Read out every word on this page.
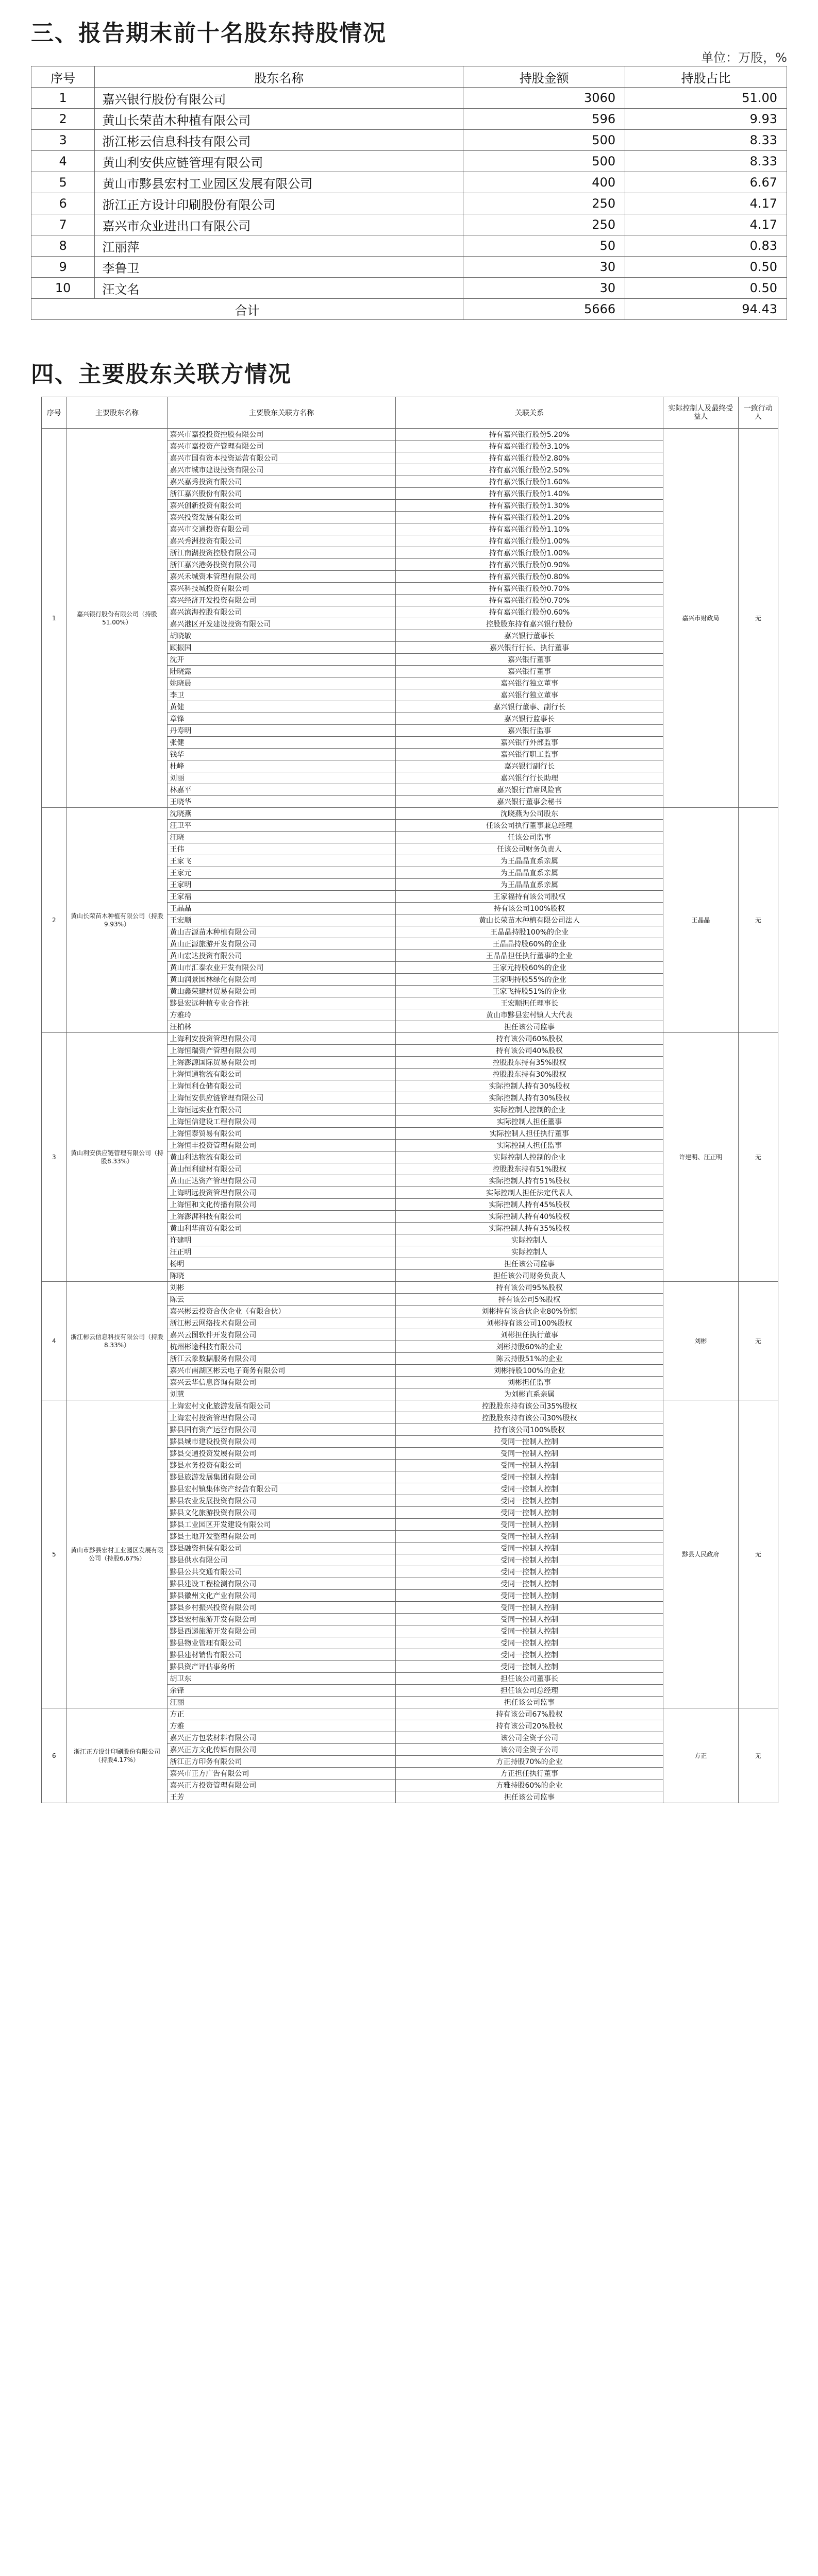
三、报告期末前十名股东持股情况
单位：万股，%
序号	股东名称	持股金额	持股占比
1	嘉兴银行股份有限公司	3060	51.00
2	黄山长荣苗木种植有限公司	596	9.93
3	浙江彬云信息科技有限公司	500	8.33
4	黄山利安供应链管理有限公司	500	8.33
5	黄山市黟县宏村工业园区发展有限公司	400	6.67
6	浙江正方设计印刷股份有限公司	250	4.17
7	嘉兴市众业进出口有限公司	250	4.17
8	江丽萍	50	0.83
9	李鲁卫	30	0.50
10	汪文名	30	0.50
合计		5666	94.43
四、主要股东关联方情况
序号	主要股东名称	主要股东关联方名称	关联关系	实际控制人及最终受益人	一致行动人
1	嘉兴银行股份有限公司（持股51.00%）	嘉兴市嘉投投资控股有限公司	持有嘉兴银行股份5.20%	嘉兴市财政局	无
		嘉兴市嘉投资产管理有限公司	持有嘉兴银行股份3.10%		
		嘉兴市国有资本投资运营有限公司	持有嘉兴银行股份2.80%		
		嘉兴市城市建设投资有限公司	持有嘉兴银行股份2.50%		
		嘉兴嘉秀投资有限公司	持有嘉兴银行股份1.60%		
		浙江嘉兴股份有限公司	持有嘉兴银行股份1.40%		
		嘉兴创新投资有限公司	持有嘉兴银行股份1.30%		
		嘉兴投资发展有限公司	持有嘉兴银行股份1.20%		
		嘉兴市交通投资有限公司	持有嘉兴银行股份1.10%		
		嘉兴秀洲投资有限公司	持有嘉兴银行股份1.00%		
		浙江南湖投资控股有限公司	持有嘉兴银行股份1.00%		
		浙江嘉兴港务投资有限公司	持有嘉兴银行股份0.90%		
		嘉兴禾城资本管理有限公司	持有嘉兴银行股份0.80%		
		嘉兴科技城投资有限公司	持有嘉兴银行股份0.70%		
		嘉兴经济开发投资有限公司	持有嘉兴银行股份0.70%		
		嘉兴滨海控股有限公司	持有嘉兴银行股份0.60%		
		嘉兴港区开发建设投资有限公司	控股股东持有嘉兴银行股份		
		胡晓敏	嘉兴银行董事长		
		顾振国	嘉兴银行行长、执行董事		
		沈开	嘉兴银行董事		
		陆晓露	嘉兴银行董事		
		姚晓晨	嘉兴银行独立董事		
		李卫	嘉兴银行独立董事		
		黄健	嘉兴银行董事、副行长		
		章锋	嘉兴银行监事长		
		丹寿明	嘉兴银行监事		
		张健	嘉兴银行外部监事		
		钱华	嘉兴银行职工监事		
		杜峰	嘉兴银行副行长		
		刘丽	嘉兴银行行长助理		
		林嘉平	嘉兴银行首席风险官		
		王晓华	嘉兴银行董事会秘书		
2	黄山长荣苗木种植有限公司（持股9.93%）	沈晓燕	沈晓燕为公司股东	王晶晶	无
		汪卫平	任该公司执行董事兼总经理		
		汪晓	任该公司监事		
		王伟	任该公司财务负责人		
		王家飞	为王晶晶直系亲属		
		王家元	为王晶晶直系亲属		
		王家明	为王晶晶直系亲属		
		王家福	王家福持有该公司股权		
		王晶晶	持有该公司100%股权		
		王宏顺	黄山长荣苗木种植有限公司法人		
		黄山吉源苗木种植有限公司	王晶晶持股100%的企业		
		黄山正源旅游开发有限公司	王晶晶持股60%的企业		
		黄山宏达投资有限公司	王晶晶担任执行董事的企业		
		黄山市汇泰农业开发有限公司	王家元持股60%的企业		
		黄山润景园林绿化有限公司	王家明持股55%的企业		
		黄山鑫荣建材贸易有限公司	王家飞持股51%的企业		
		黟县宏远种植专业合作社	王宏顺担任理事长		
		方雅玲	黄山市黟县宏村镇人大代表		
		汪柏林	担任该公司监事		
3	黄山利安供应链管理有限公司（持股8.33%）	上海利安投资管理有限公司	持有该公司60%股权	许建明、汪正明	无
		上海恒瑞资产管理有限公司	持有该公司40%股权		
		上海澎源国际贸易有限公司	控股股东持有35%股权		
		上海恒通物流有限公司	控股股东持有30%股权		
		上海恒利仓储有限公司	实际控制人持有30%股权		
		上海恒安供应链管理有限公司	实际控制人持有30%股权		
		上海恒远实业有限公司	实际控制人控制的企业		
		上海恒信建设工程有限公司	实际控制人担任董事		
		上海恒泰贸易有限公司	实际控制人担任执行董事		
		上海恒丰投资管理有限公司	实际控制人担任监事		
		黄山利达物流有限公司	实际控制人控制的企业		
		黄山恒利建材有限公司	控股股东持有51%股权		
		黄山正达资产管理有限公司	实际控制人持有51%股权		
		上海明远投资管理有限公司	实际控制人担任法定代表人		
		上海恒和文化传播有限公司	实际控制人持有45%股权		
		上海澎湃科技有限公司	实际控制人持有40%股权		
		黄山利华商贸有限公司	实际控制人持有35%股权		
		许建明	实际控制人		
		汪正明	实际控制人		
		杨明	担任该公司监事		
		陈晓	担任该公司财务负责人		
4	浙江彬云信息科技有限公司（持股8.33%）	刘彬	持有该公司95%股权	刘彬	无
		陈云	持有该公司5%股权		
		嘉兴彬云投资合伙企业（有限合伙）	刘彬持有该合伙企业80%份额		
		浙江彬云网络技术有限公司	刘彬持有该公司100%股权		
		嘉兴云图软件开发有限公司	刘彬担任执行董事		
		杭州彬途科技有限公司	刘彬持股60%的企业		
		浙江云象数据服务有限公司	陈云持股51%的企业		
		嘉兴市南湖区彬云电子商务有限公司	刘彬持股100%的企业		
		嘉兴云华信息咨询有限公司	刘彬担任监事		
		刘慧	为刘彬直系亲属		
5	黄山市黟县宏村工业园区发展有限公司（持股6.67%）	上海宏村文化旅游发展有限公司	控股股东持有该公司35%股权	黟县人民政府	无
		上海宏村投资管理有限公司	控股股东持有该公司30%股权		
		黟县国有资产运营有限公司	持有该公司100%股权		
		黟县城市建设投资有限公司	受同一控制人控制		
		黟县交通投资发展有限公司	受同一控制人控制		
		黟县水务投资有限公司	受同一控制人控制		
		黟县旅游发展集团有限公司	受同一控制人控制		
		黟县宏村镇集体资产经营有限公司	受同一控制人控制		
		黟县农业发展投资有限公司	受同一控制人控制		
		黟县文化旅游投资有限公司	受同一控制人控制		
		黟县工业园区开发建设有限公司	受同一控制人控制		
		黟县土地开发整理有限公司	受同一控制人控制		
		黟县融资担保有限公司	受同一控制人控制		
		黟县供水有限公司	受同一控制人控制		
		黟县公共交通有限公司	受同一控制人控制		
		黟县建设工程检测有限公司	受同一控制人控制		
		黟县徽州文化产业有限公司	受同一控制人控制		
		黟县乡村振兴投资有限公司	受同一控制人控制		
		黟县宏村旅游开发有限公司	受同一控制人控制		
		黟县西递旅游开发有限公司	受同一控制人控制		
		黟县物业管理有限公司	受同一控制人控制		
		黟县建材销售有限公司	受同一控制人控制		
		黟县资产评估事务所	受同一控制人控制		
		胡卫东	担任该公司董事长		
		余锋	担任该公司总经理		
		汪丽	担任该公司监事		
6	浙江正方设计印刷股份有限公司（持股4.17%）	方正	持有该公司67%股权	方正	无
		方雅	持有该公司20%股权		
		嘉兴正方包装材料有限公司	该公司全资子公司		
		嘉兴正方文化传媒有限公司	该公司全资子公司		
		浙江正方印务有限公司	方正持股70%的企业		
		嘉兴市正方广告有限公司	方正担任执行董事		
		嘉兴正方投资管理有限公司	方雅持股60%的企业		
		王芳	担任该公司监事		
